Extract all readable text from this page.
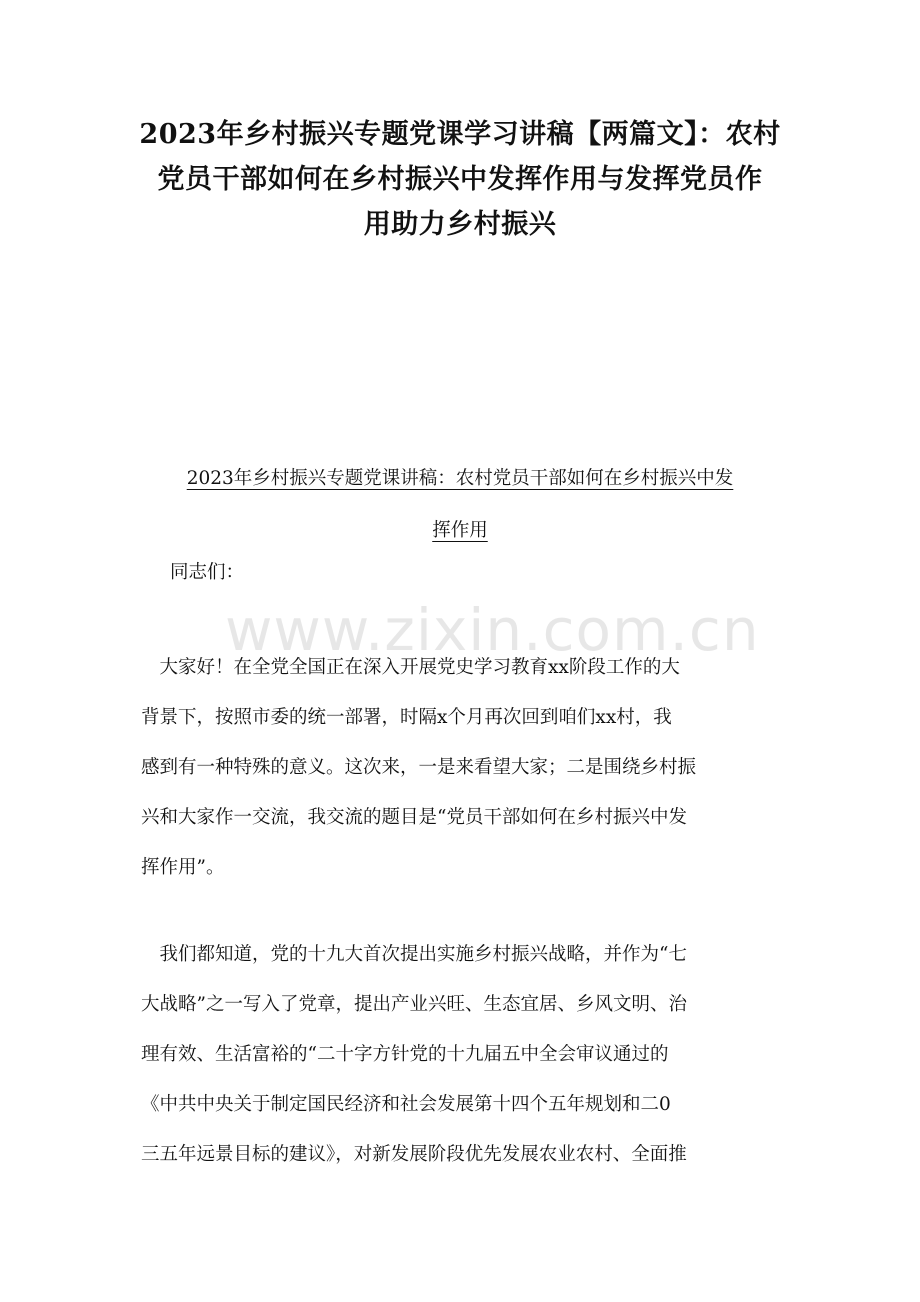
2023年乡村振兴专题党课学习讲稿【两篇文】：农村
党员干部如何在乡村振兴中发挥作用与发挥党员作
用助力乡村振兴
2023年乡村振兴专题党课讲稿：农村党员干部如何在乡村振兴中发
挥作用

同志们：

www.zixin.com.cn

　大家好！在全党全国正在深入开展党史学习教育xx阶段工作的大
背景下，按照市委的统一部署，时隔x个月再次回到咱们xx村，我
感到有一种特殊的意义。这次来，一是来看望大家；二是围绕乡村振
兴和大家作一交流，我交流的题目是“党员干部如何在乡村振兴中发
挥作用”。

　我们都知道，党的十九大首次提出实施乡村振兴战略，并作为“七
大战略”之一写入了党章，提出产业兴旺、生态宜居、乡风文明、治
理有效、生活富裕的“二十字方针党的十九届五中全会审议通过的
《中共中央关于制定国民经济和社会发展第十四个五年规划和二0
三五年远景目标的建议》，对新发展阶段优先发展农业农村、全面推
